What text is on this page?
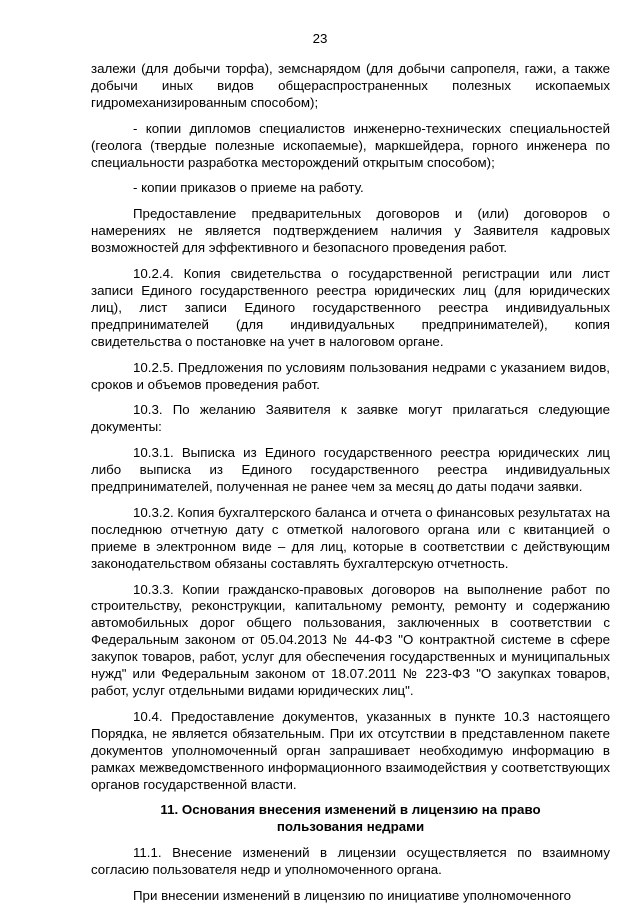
23

залежи (для добычи торфа), земснарядом (для добычи сапропеля, гажи, а также добычи иных видов общераспространенных полезных ископаемых гидромеханизированным способом);

- копии дипломов специалистов инженерно-технических специальностей (геолога (твердые полезные ископаемые), маркшейдера, горного инженера по специальности разработка месторождений открытым способом);

- копии приказов о приеме на работу.

Предоставление предварительных договоров и (или) договоров о намерениях не является подтверждением наличия у Заявителя кадровых возможностей для эффективного и безопасного проведения работ.

10.2.4. Копия свидетельства о государственной регистрации или лист записи Единого государственного реестра юридических лиц (для юридических лиц), лист записи Единого государственного реестра индивидуальных предпринимателей (для индивидуальных предпринимателей), копия свидетельства о постановке на учет в налоговом органе.

10.2.5. Предложения по условиям пользования недрами с указанием видов, сроков и объемов проведения работ.

10.3. По желанию Заявителя к заявке могут прилагаться следующие документы:

10.3.1. Выписка из Единого государственного реестра юридических лиц либо выписка из Единого государственного реестра индивидуальных предпринимателей, полученная не ранее чем за месяц до даты подачи заявки.

10.3.2. Копия бухгалтерского баланса и отчета о финансовых результатах на последнюю отчетную дату с отметкой налогового органа или с квитанцией о приеме в электронном виде – для лиц, которые в соответствии с действующим законодательством обязаны составлять бухгалтерскую отчетность.

10.3.3. Копии гражданско-правовых договоров на выполнение работ по строительству, реконструкции, капитальному ремонту, ремонту и содержанию автомобильных дорог общего пользования, заключенных в соответствии с Федеральным законом от 05.04.2013 № 44-ФЗ "О контрактной системе в сфере закупок товаров, работ, услуг для обеспечения государственных и муниципальных нужд" или Федеральным законом от 18.07.2011 № 223-ФЗ "О закупках товаров, работ, услуг отдельными видами юридических лиц".

10.4. Предоставление документов, указанных в пункте 10.3 настоящего Порядка, не является обязательным. При их отсутствии в представленном пакете документов уполномоченный орган запрашивает необходимую информацию в рамках межведомственного информационного взаимодействия у соответствующих органов государственной власти.

11. Основания внесения изменений в лицензию на право пользования недрами

11.1. Внесение изменений в лицензии осуществляется по взаимному согласию пользователя недр и уполномоченного органа.

При внесении изменений в лицензию по инициативе уполномоченного
